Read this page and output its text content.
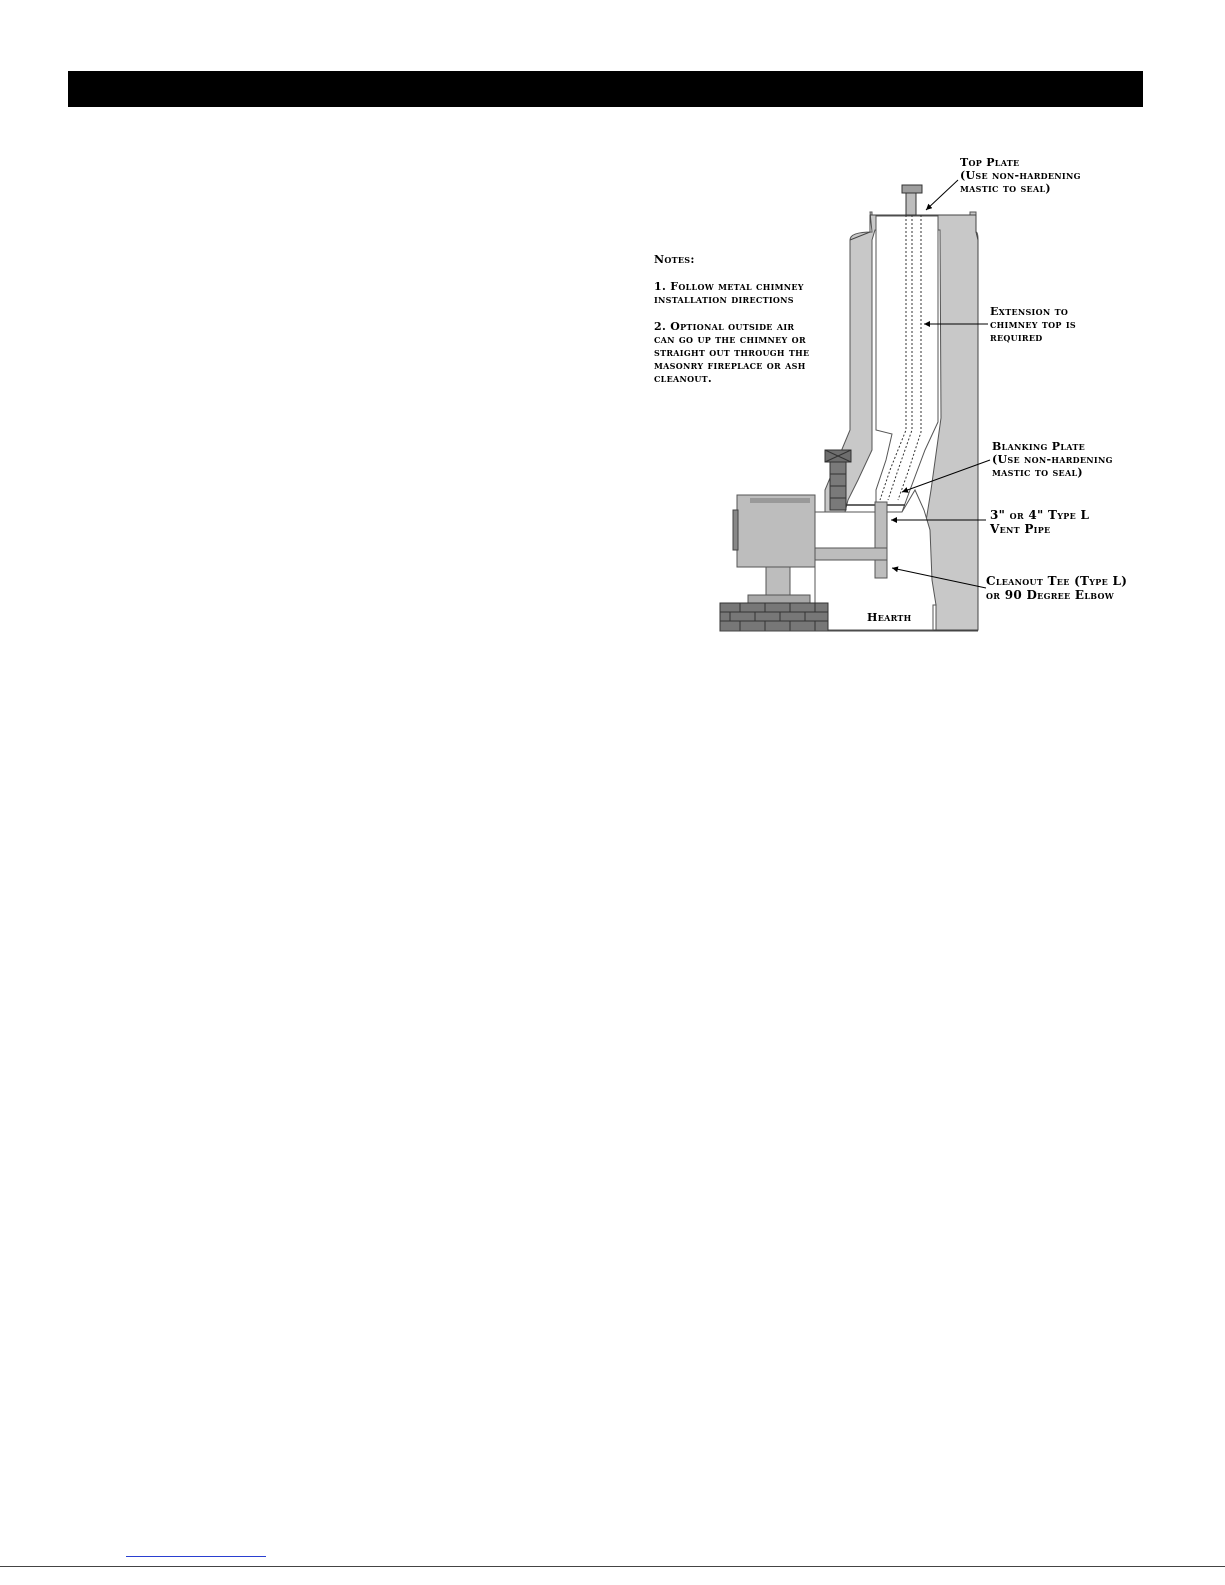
Notes:
1. Follow metal chimney
installation directions
2. Optional outside air
can go up the chimney or
straight out through the
masonry fireplace or ash
cleanout.
Top Plate
(Use non-hardening
mastic to seal)
Extension to
chimney top is
required
Blanking Plate
(Use non-hardening
mastic to seal)
3" or 4" Type L
Vent Pipe
Cleanout Tee (Type L)
or 90 Degree Elbow
Hearth
